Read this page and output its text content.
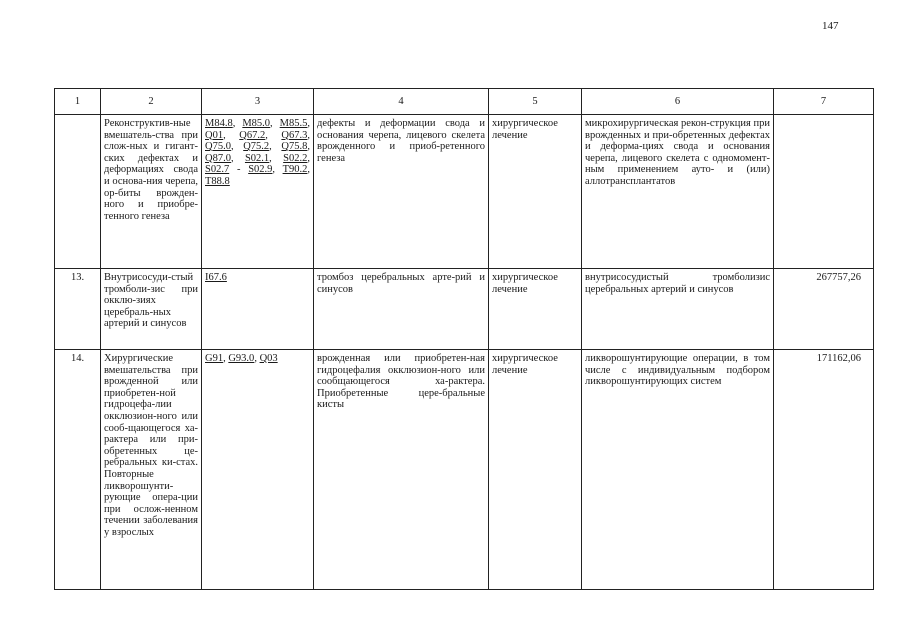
147
1	2	3	4	5	6	7
	Реконструктив-ные вмешатель-ства при слож-ных и гигант-ских дефектах и деформациях свода и основа-ния черепа, ор-биты врожден-ного и приобре-тенного генеза	M84.8, M85.0, M85.5, Q01, Q67.2, Q67.3, Q75.0, Q75.2, Q75.8, Q87.0, S02.1, S02.2, S02.7 - S02.9, T90.2, T88.8	дефекты и деформации свода и основания черепа, лицевого скелета врожденного и приоб-ретенного генеза	хирургическое лечение	микрохирургическая рекон-струкция при врожденных и при-обретенных дефектах и деформа-циях свода и основания черепа, лицевого скелета с одномомент-ным применением ауто- и (или) аллотрансплантатов	
13.	Внутрисосуди-стый тромболи-зис при окклю-зиях церебраль-ных артерий и синусов	I67.6	тромбоз церебральных арте-рий и синусов	хирургическое лечение	внутрисосудистый тромболизис церебральных артерий и синусов	267757,26
14.	Хирургические вмешательства при врожденной или приобретен-ной гидроцефа-лии окклюзион-ного или сооб-щающегося ха-рактера или при-обретенных це-ребральных ки-стах. Повторные ликворошунти-рующие опера-ции при ослож-ненном течении заболевания у взрослых	G91, G93.0, Q03	врожденная или приобретен-ная гидроцефалия окклюзион-ного или сообщающегося ха-рактера. Приобретенные цере-бральные кисты	хирургическое лечение	ликворошунтирующие операции, в том числе с индивидуальным подбором ликворошунтирующих систем	171162,06
